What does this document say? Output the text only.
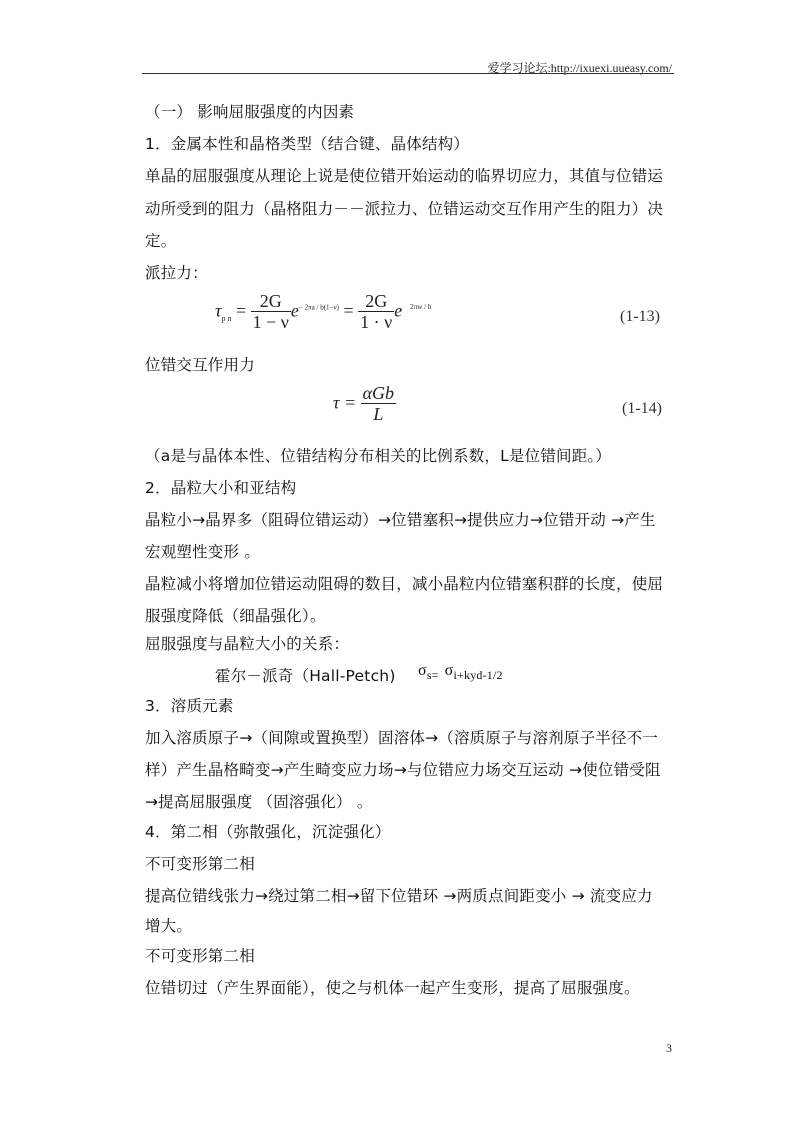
爱学习论坛:http://ixuexi.uueasy.com/
（一） 影响屈服强度的内因素
1．金属本性和晶格类型（结合键、晶体结构）
单晶的屈服强度从理论上说是使位错开始运动的临界切应力，其值与位错运
动所受到的阻力（晶格阻力－－派拉力、位错运动交互作用产生的阻力）决
定。
派拉力：
$\tau_{p n} = \frac{2G}{1 - \nu} e^{- 2\pi a / b(1-\nu)} = \frac{2G}{1 \cdot \nu}$ e $^{2\pi w / b}$
(1-13)
位错交互作用力
$\tau = \frac{\text{αGb}}{L}$	(1-14)
（a是与晶体本性、位错结构分布相关的比例系数，L是位错间距。）
2．晶粒大小和亚结构
晶粒小→晶界多（阻碍位错运动）→位错塞积→提供应力→位错开动 →产生
宏观塑性变形 。
晶粒减小将增加位错运动阻碍的数目，减小晶粒内位错塞积群的长度，使屈
服强度降低（细晶强化）。
屈服强度与晶粒大小的关系：
霍尔－派奇（Hall-Petch) $\sigma_{s=}$ $\sigma_{i+kyd-1/2}$
3．溶质元素
加入溶质原子→（间隙或置换型）固溶体→（溶质原子与溶剂原子半径不一
样）产生晶格畸变→产生畸变应力场→与位错应力场交互运动 →使位错受阻
→提高屈服强度 （固溶强化） 。
4．第二相（弥散强化，沉淀强化）
不可变形第二相
提高位错线张力→绕过第二相→留下位错环 →两质点间距变小 → 流变应力
增大。
不可变形第二相
位错切过（产生界面能），使之与机体一起产生变形，提高了屈服强度。
3
